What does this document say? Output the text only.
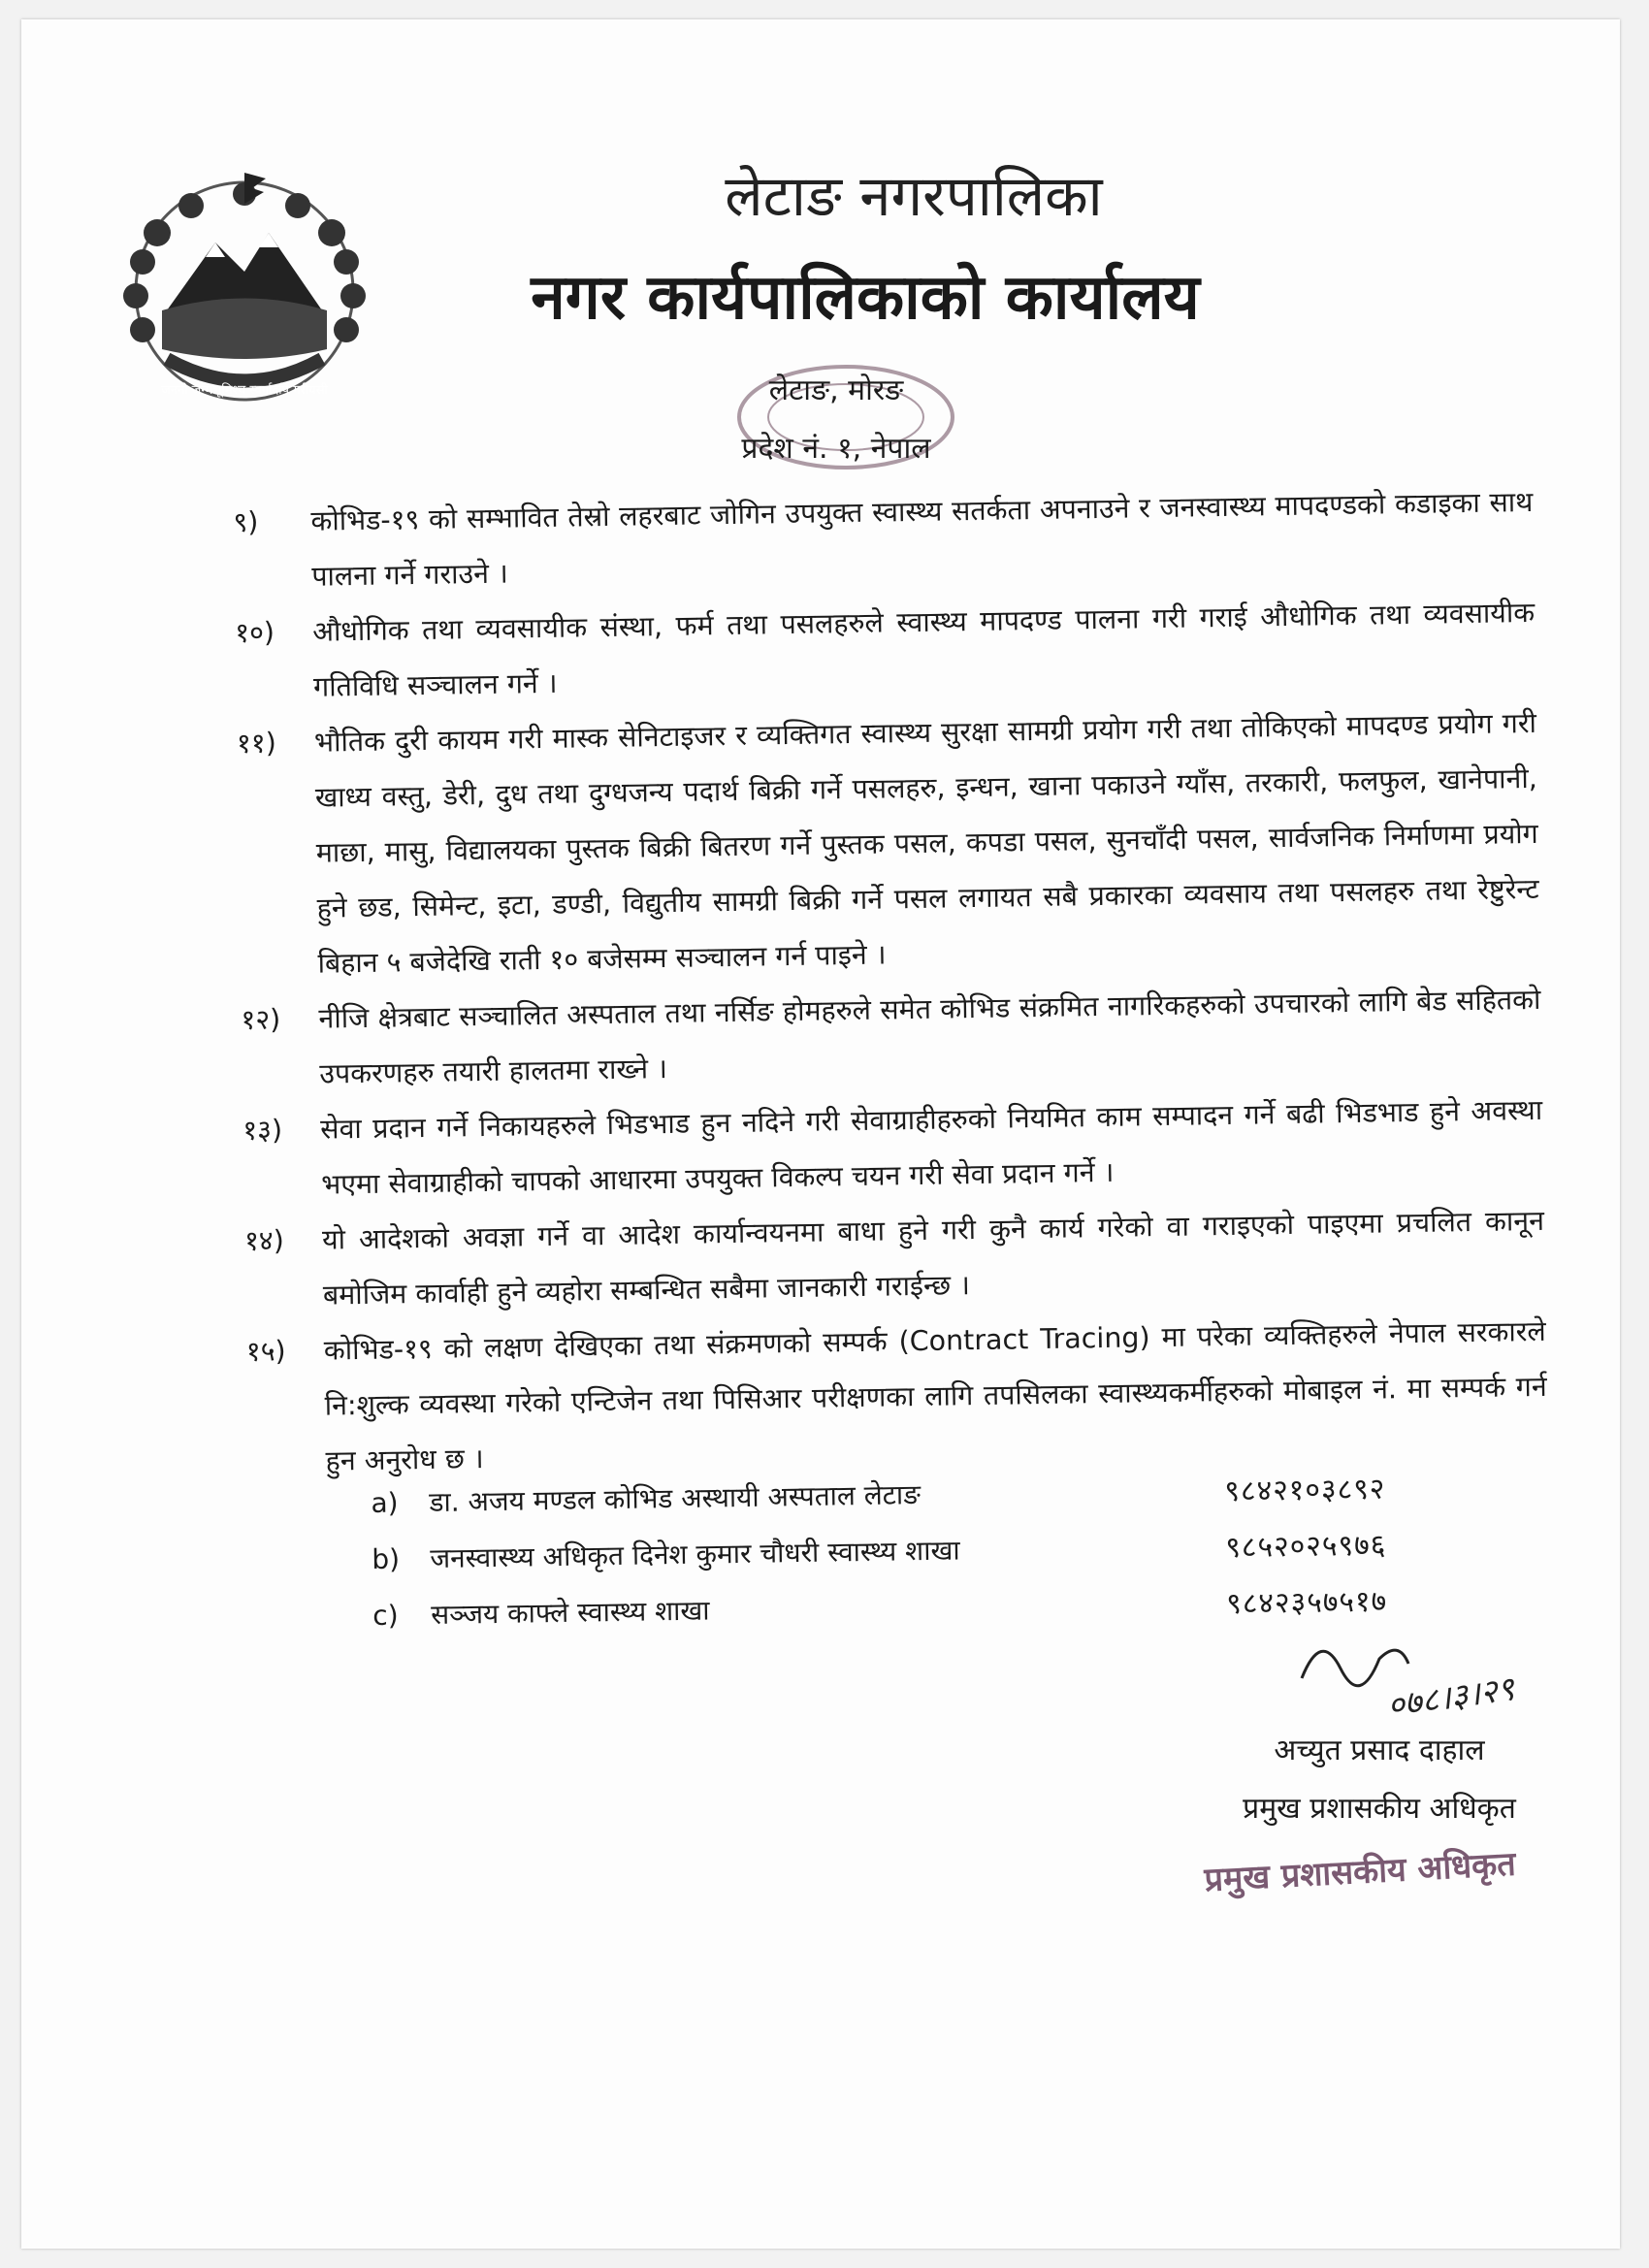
जननी जन्मभूमिश्च स्वर्गादपि गरीयसी
लेटाङ नगरपालिका
नगर कार्यपालिकाको कार्यालय
लेटाङ, मोरङ
प्रदेश नं. १, नेपाल
९) कोभिड-१९ को सम्भावित तेस्रो लहरबाट जोगिन उपयुक्त स्वास्थ्य सतर्कता अपनाउने र जनस्वास्थ्य मापदण्डको कडाइका साथ पालना गर्ने गराउने ।
१०) औधोगिक तथा व्यवसायीक संस्था, फर्म तथा पसलहरुले स्वास्थ्य मापदण्ड पालना गरी गराई औधोगिक तथा व्यवसायीक गतिविधि सञ्चालन गर्ने ।
११) भौतिक दुरी कायम गरी मास्क सेनिटाइजर र व्यक्तिगत स्वास्थ्य सुरक्षा सामग्री प्रयोग गरी तथा तोकिएको मापदण्ड प्रयोग गरी खाध्य वस्तु, डेरी, दुध तथा दुग्धजन्य पदार्थ बिक्री गर्ने पसलहरु, इन्धन, खाना पकाउने ग्याँस, तरकारी, फलफुल, खानेपानी, माछा, मासु, विद्यालयका पुस्तक बिक्री बितरण गर्ने पुस्तक पसल, कपडा पसल, सुनचाँदी पसल, सार्वजनिक निर्माणमा प्रयोग हुने छड, सिमेन्ट, इटा, डण्डी, विद्युतीय सामग्री बिक्री गर्ने पसल लगायत सबै प्रकारका व्यवसाय तथा पसलहरु तथा रेष्टुरेन्ट बिहान ५ बजेदेखि राती १० बजेसम्म सञ्चालन गर्न पाइने ।
१२) नीजि क्षेत्रबाट सञ्चालित अस्पताल तथा नर्सिङ होमहरुले समेत कोभिड संक्रमित नागरिकहरुको उपचारको लागि बेड सहितको उपकरणहरु तयारी हालतमा राख्ने ।
१३) सेवा प्रदान गर्ने निकायहरुले भिडभाड हुन नदिने गरी सेवाग्राहीहरुको नियमित काम सम्पादन गर्ने बढी भिडभाड हुने अवस्था भएमा सेवाग्राहीको चापको आधारमा उपयुक्त विकल्प चयन गरी सेवा प्रदान गर्ने ।
१४) यो आदेशको अवज्ञा गर्ने वा आदेश कार्यान्वयनमा बाधा हुने गरी कुनै कार्य गरेको वा गराइएको पाइएमा प्रचलित कानून बमोजिम कार्वाही हुने व्यहोरा सम्बन्धित सबैमा जानकारी गराईन्छ ।
१५) कोभिड-१९ को लक्षण देखिएका तथा संक्रमणको सम्पर्क (Contract Tracing) मा परेका व्यक्तिहरुले नेपाल सरकारले नि:शुल्क व्यवस्था गरेको एन्टिजेन तथा पिसिआर परीक्षणका लागि तपसिलका स्वास्थ्यकर्मीहरुको मोबाइल नं. मा सम्पर्क गर्न हुन अनुरोध छ ।
a)	डा. अजय मण्डल कोभिड अस्थायी अस्पताल लेटाङ	९८४२१०३८९२
b)	जनस्वास्थ्य अधिकृत दिनेश कुमार चौधरी स्वास्थ्य शाखा	९८५२०२५९७६
c)	सञ्जय काफ्ले स्वास्थ्य शाखा	९८४२३५७५१७
०७८।३।२९
अच्युत प्रसाद दाहाल
प्रमुख प्रशासकीय अधिकृत
प्रमुख प्रशासकीय अधिकृत
